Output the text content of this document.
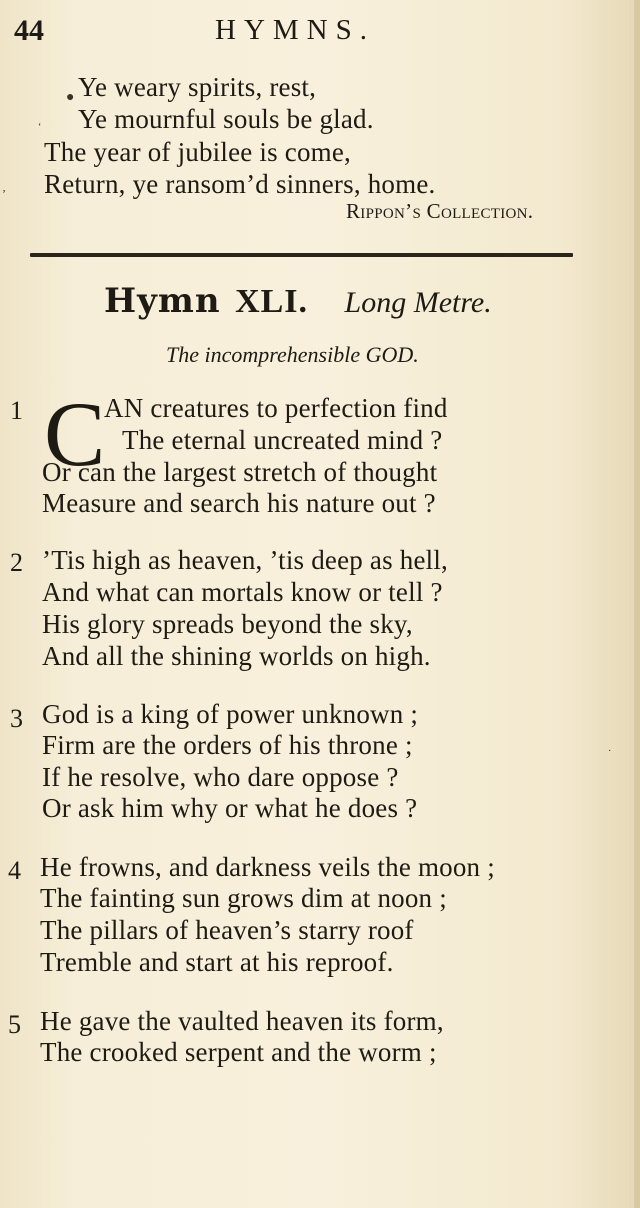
44	HYMNS.
Ye weary spirits, rest,
Ye mournful souls be glad.
The year of jubilee is come,
Return, ye ransom’d sinners, home.
Rippon’s Collection.
Hymn XLI. Long Metre.
The incomprehensible GOD.
1 C
AN creatures to perfection find
The eternal uncreated mind ?
Or can the largest stretch of thought
Measure and search his nature out ?
2 ’Tis high as heaven, ’tis deep as hell,
And what can mortals know or tell ?
His glory spreads beyond the sky,
And all the shining worlds on high.
3 God is a king of power unknown ;
Firm are the orders of his throne ;
If he resolve, who dare oppose ?
Or ask him why or what he does ?
4 He frowns, and darkness veils the moon ;
The fainting sun grows dim at noon ;
The pillars of heaven’s starry roof
Tremble and start at his reproof.
5 He gave the vaulted heaven its form,
The crooked serpent and the worm ;
●
‘
‚
·
